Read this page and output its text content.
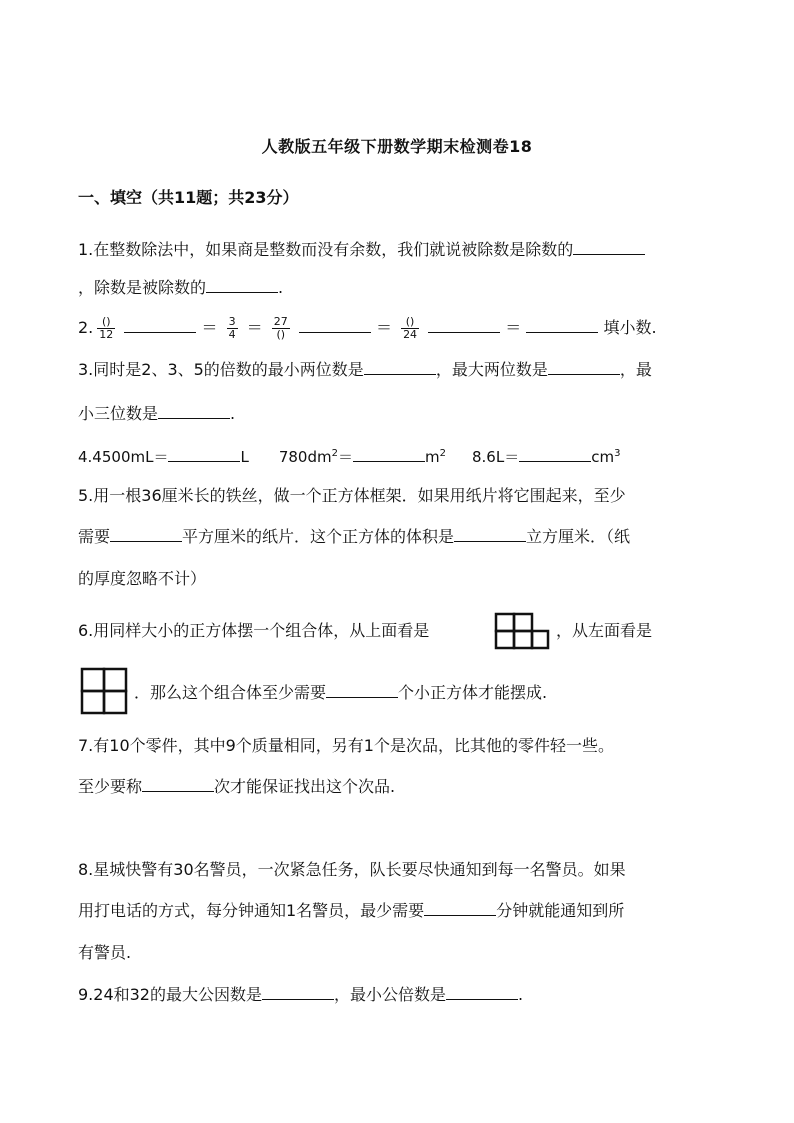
人教版五年级下册数学期末检测卷18
一、填空（共11题；共23分）
1.在整数除法中，如果商是整数而没有余数，我们就说被除数是除数的
，除数是被除数的	.
2. $\frac{()}{12}$	＝ $\frac{3}{4} = \frac{27}{()}$	＝ $\frac{()}{24}$	＝	填小数.
3.同时是2、3、5的倍数的最小两位数是	，最大两位数是	，最
小三位数是	.
4.4500mL＝	L $780dm^2=$	$m^2$ 8.6L＝	$cm^3$
5.用一根36厘米长的铁丝，做一个正方体框架．如果用纸片将它围起来，至少
需要	平方厘米的纸片．这个正方体的体积是	立方厘米．（纸
的厚度忽略不计）
6.用同样大小的正方体摆一个组合体，从上面看是	，从左面看是
．那么这个组合体至少需要	个小正方体才能摆成.
7.有10个零件，其中9个质量相同，另有1个是次品，比其他的零件轻一些。
至少要称	次才能保证找出这个次品.
8.星城快警有30名警员，一次紧急任务，队长要尽快通知到每一名警员。如果
用打电话的方式，每分钟通知1名警员，最少需要	分钟就能通知到所
有警员.
9.24和32的最大公因数是	，最小公倍数是	.
